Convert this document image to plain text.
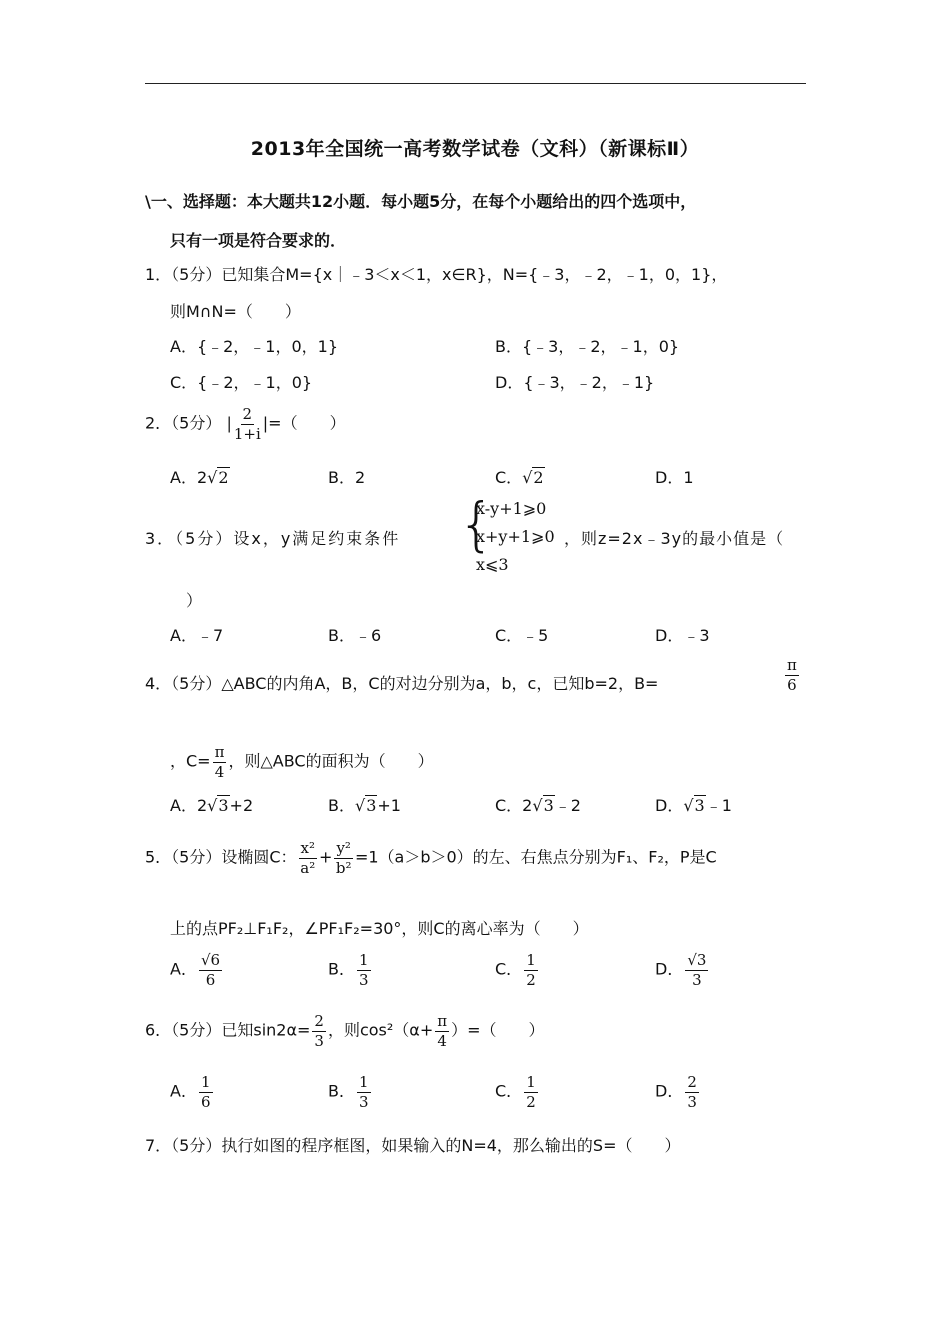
2013年全国统一高考数学试卷（文科）（新课标Ⅱ）
\一、选择题：本大题共12小题．每小题5分，在每个小题给出的四个选项中，
只有一项是符合要求的．
1．（5分）已知集合M={x｜﹣3＜x＜1，x∈R}，N={﹣3，﹣2，﹣1，0，1}，
则M∩N=（　　）
A．{﹣2，﹣1，0，1}	B．{﹣3，﹣2，﹣1，0}
C．{﹣2，﹣1，0}	D．{﹣3，﹣2，﹣1}
2．（5分） | $\frac{2}{1+i}$ |=（　　）
A．2√2	B．2	C．√2	D．1
3．（5分）设x，y满足约束条件 {
x-y+1⩾0
x+y+1⩾0
x⩽3
，则z=2x﹣3y的最小值是（
）
A．﹣7	B．﹣6	C．﹣5	D．﹣3
4．（5分）△ABC的内角A，B，C的对边分别为a，b，c，已知b=2，B=	$\frac{\pi}{6}$
，$C= \frac{\pi}{4}$ ，则△ABC的面积为（　　）
A．2√3+2	B．√3+1	C．2√3﹣2	D．√3﹣1
5．（5分）设椭圆C： $\frac{\text{x²}}{\text{a²}} + \frac{\text{y²}}{\text{b²}} =1(a>b>0)$的左、右焦点分别为F₁、F₂，P是C
上的点PF₂⊥F₁F₂，∠PF₁F₂=30°，则C的离心率为（　　）
A． $\frac{√6}{6}$	B． $\frac{1}{3}$	C． $\frac{1}{2}$	D． $\frac{√3}{3}$
6．（5分）已知$\sin 2\alpha= \frac{2}{3}$ ，则$\cos^2(\alpha+ \frac{\pi}{4}$ ）=（　　）
A． $\frac{1}{6}$	B． $\frac{1}{3}$	C． $\frac{1}{2}$	D． $\frac{2}{3}$
7．（5分）执行如图的程序框图，如果输入的N=4，那么输出的S=（　　）
